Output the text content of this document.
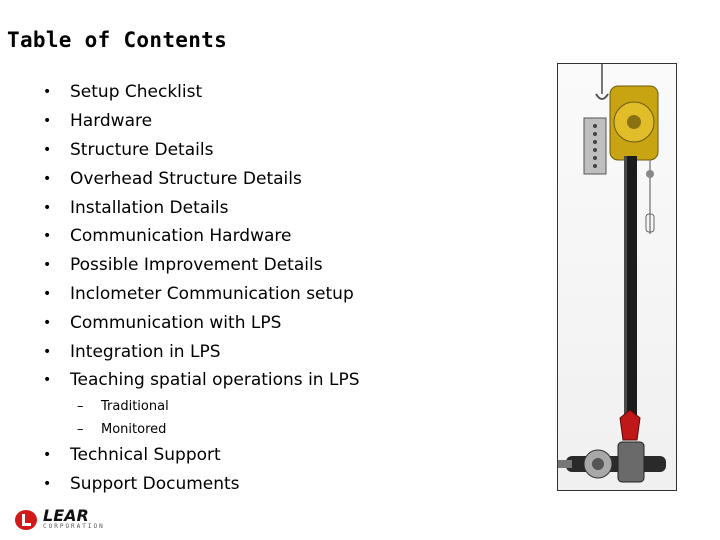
Table of Contents
•	Setup Checklist
•	Hardware
•	Structure Details
•	Overhead Structure Details
•	Installation Details
•	Communication Hardware
•	Possible Improvement Details
•	Inclometer Communication setup
•	Communication with LPS
•	Integration in LPS
•	Teaching spatial operations in LPS
–	Traditional
–	Monitored
•	Technical Support
•	Support Documents
LEAR
CORPORATION
